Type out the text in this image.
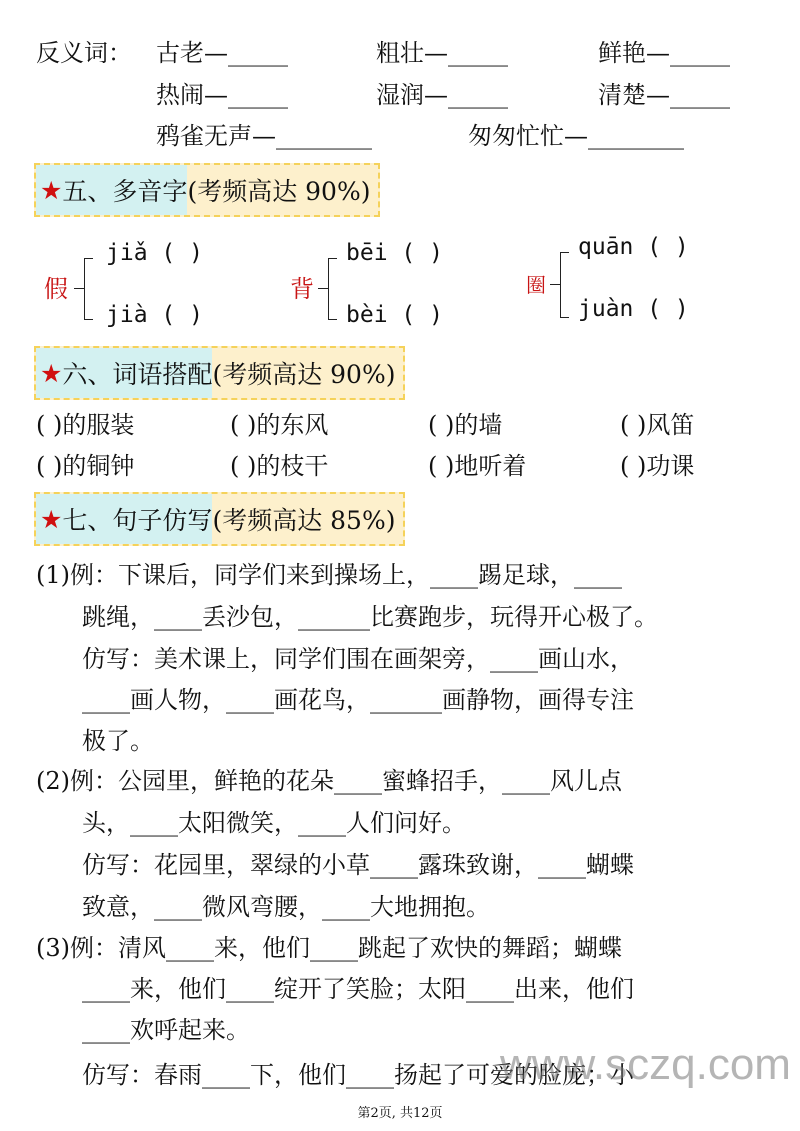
反义词： 古老—_____	粗壮—_____	鲜艳—_____
热闹—_____	湿润—_____	清楚—_____
鸦雀无声—________	匆匆忙忙—________
★ 五、多音字 (考频高达 90%)
假
jiǎ ( )
jià ( )
背
bēi ( )
bèi ( )
圈
quān ( )
juàn ( )
★ 六、词语搭配 (考频高达 90%)
( )的服装	( )的东风	( )的墙	( )风笛
( )的铜钟	( )的枝干	( )地听着	( )功课
★ 七、句子仿写 (考频高达 85%)
(1)例：下课后，同学们来到操场上，____踢足球，____
跳绳，____丢沙包，______比赛跑步，玩得开心极了。
仿写：美术课上，同学们围在画架旁，____画山水，
____画人物，____画花鸟，______画静物，画得专注
极了。
(2)例：公园里，鲜艳的花朵____蜜蜂招手，____风儿点
头，____太阳微笑，____人们问好。
仿写：花园里，翠绿的小草____露珠致谢，____蝴蝶
致意，____微风弯腰，____大地拥抱。
(3)例：清风____来，他们____跳起了欢快的舞蹈；蝴蝶
____来，他们____绽开了笑脸；太阳____出来，他们
____欢呼起来。
仿写：春雨____下，他们____扬起了可爱的脸庞；小
www.sczq.com
第2页, 共12页
